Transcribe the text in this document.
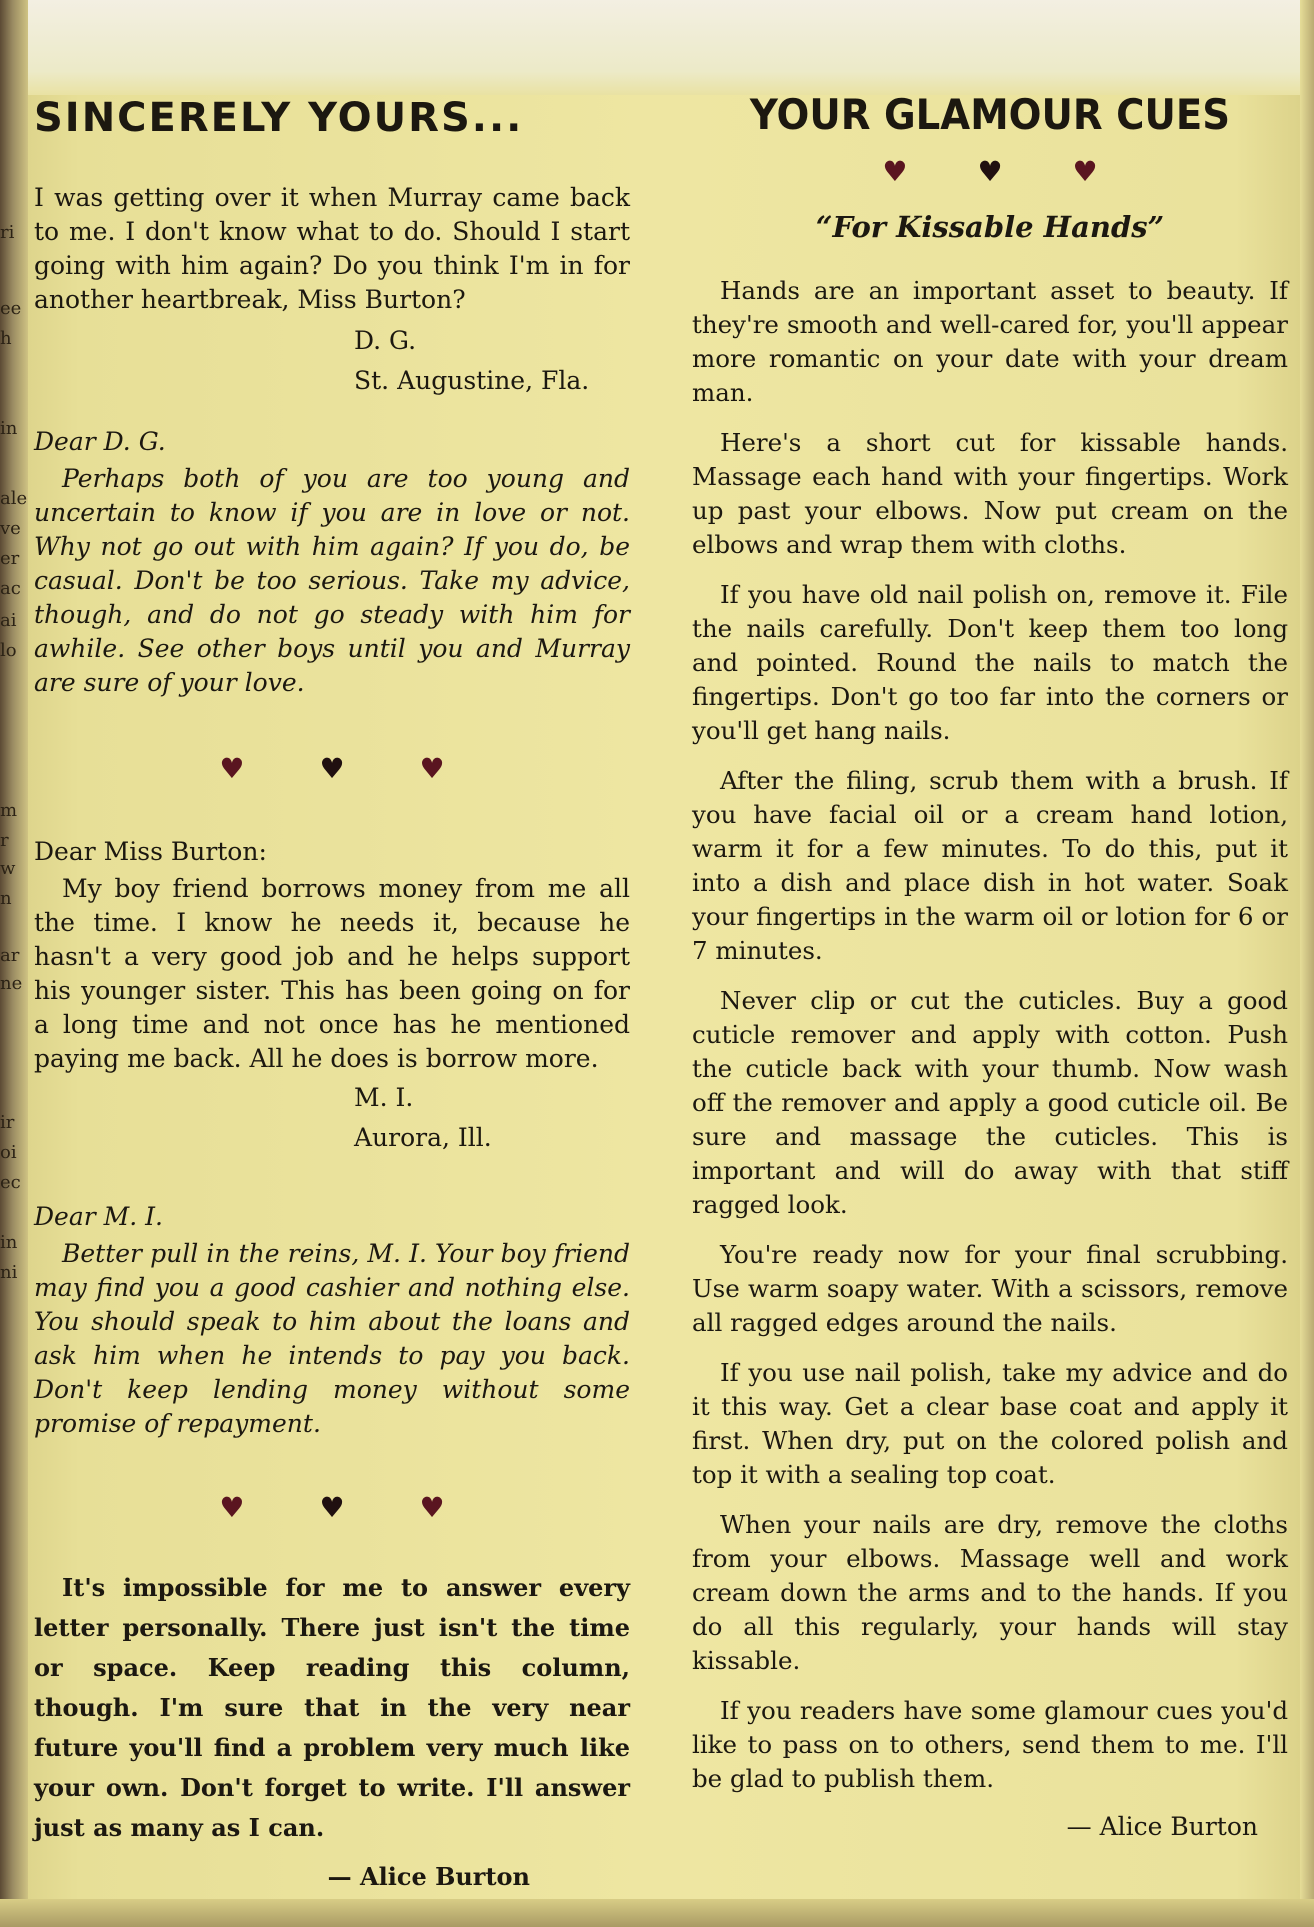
ri
ee
h
in
ale
ve
er
ac
ai
lo
m
r
w
n
ar
ne
ir
oi
ec
in
ni
SINCERELY YOURS...

I was getting over it when Murray came back to me. I don't know what to do. Should I start going with him again? Do you think I'm in for another heartbreak, Miss Burton?

D. G.
St. Augustine, Fla.
Dear D. G.

Perhaps both of you are too young and uncertain to know if you are in love or not. Why not go out with him again? If you do, be casual. Don't be too serious. Take my advice, though, and do not go steady with him for awhile. See other boys until you and Murray are sure of your love.

♥	♥	♥
Dear Miss Burton:

My boy friend borrows money from me all the time. I know he needs it, because he hasn't a very good job and he helps support his younger sister. This has been going on for a long time and not once has he mentioned paying me back. All he does is borrow more.

M. I.
Aurora, Ill.
Dear M. I.

Better pull in the reins, M. I. Your boy friend may find you a good cashier and nothing else. You should speak to him about the loans and ask him when he intends to pay you back. Don't keep lending money without some promise of repayment.

♥	♥	♥

It's impossible for me to answer every letter personally. There just isn't the time or space. Keep reading this column, though. I'm sure that in the very near future you'll find a problem very much like your own. Don't forget to write. I'll answer just as many as I can.

— Alice Burton
YOUR GLAMOUR CUES
♥	♥	♥
“For Kissable Hands”

Hands are an important asset to beauty. If they're smooth and well-cared for, you'll appear more romantic on your date with your dream man.

Here's a short cut for kissable hands. Massage each hand with your fingertips. Work up past your elbows. Now put cream on the elbows and wrap them with cloths.

If you have old nail polish on, remove it. File the nails carefully. Don't keep them too long and pointed. Round the nails to match the fingertips. Don't go too far into the corners or you'll get hang nails.

After the filing, scrub them with a brush. If you have facial oil or a cream hand lotion, warm it for a few minutes. To do this, put it into a dish and place dish in hot water. Soak your fingertips in the warm oil or lotion for 6 or 7 minutes.

Never clip or cut the cuticles. Buy a good cuticle remover and apply with cotton. Push the cuticle back with your thumb. Now wash off the remover and apply a good cuticle oil. Be sure and massage the cuticles. This is important and will do away with that stiff ragged look.

You're ready now for your final scrubbing. Use warm soapy water. With a scissors, remove all ragged edges around the nails.

If you use nail polish, take my advice and do it this way. Get a clear base coat and apply it first. When dry, put on the colored polish and top it with a sealing top coat.

When your nails are dry, remove the cloths from your elbows. Massage well and work cream down the arms and to the hands. If you do all this regularly, your hands will stay kissable.

If you readers have some glamour cues you'd like to pass on to others, send them to me. I'll be glad to publish them.

— Alice Burton
